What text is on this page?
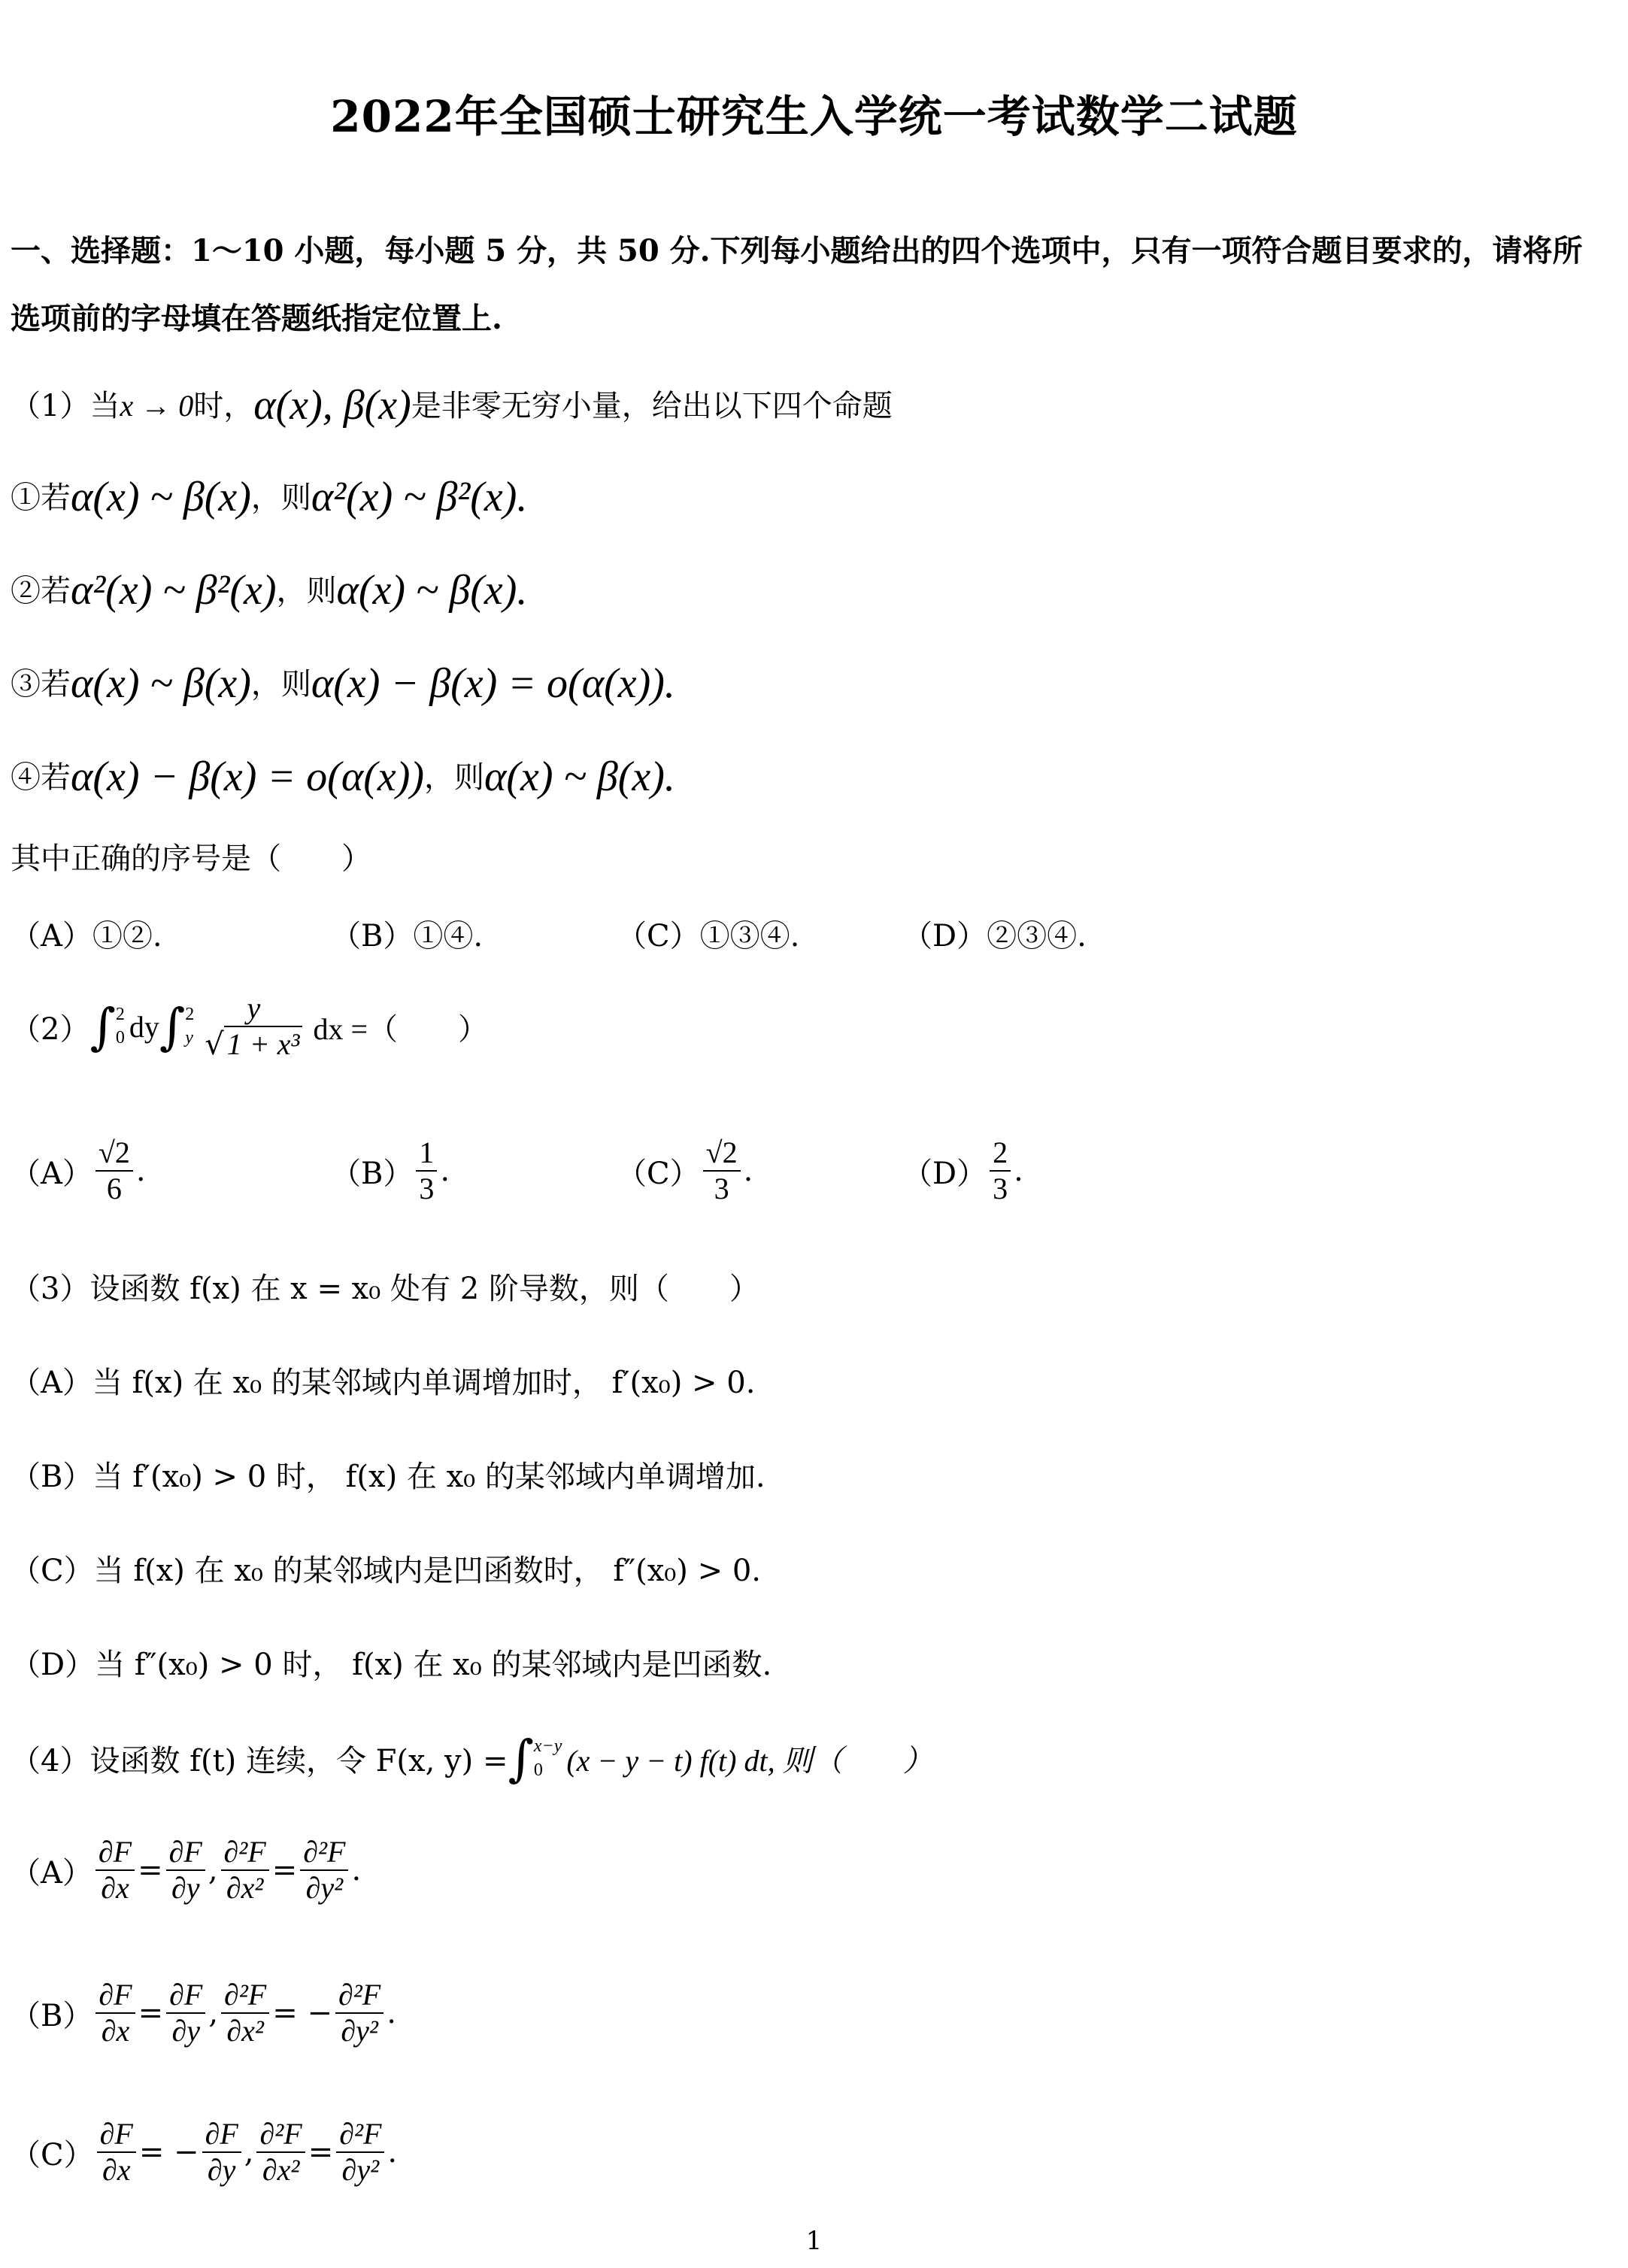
2022年全国硕士研究生入学统一考试数学二试题
一、选择题：1～10 小题，每小题 5 分，共 50 分.下列每小题给出的四个选项中，只有一项符合题目要求的，请将所
选项前的字母填在答题纸指定位置上.
（1）当x → 0时，α(x), β(x)是非零无穷小量，给出以下四个命题
①若α(x) ~ β(x)，则α²(x) ~ β²(x).
②若α²(x) ~ β²(x)，则α(x) ~ β(x).
③若α(x) ~ β(x)，则α(x) − β(x) = o(α(x)).
④若α(x) − β(x) = o(α(x))，则α(x) ~ β(x).
其中正确的序号是（　　）
（A）①②.	（B）①④.	（C）①③④.	（D）②③④.
（2） ∫ 2
0 dy ∫ 2
y $\frac{y}{\text{√ 1 + x³}}$ dx =（　　）
$(A) \frac{√2}{6}$ .	$(B) \frac{1}{3}$ .	$(C) \frac{√2}{3}$ .	$(D) \frac{2}{3}$ .
（3）设函数 f(x) 在 x = x₀ 处有 2 阶导数，则（　　）
（A）当 f(x) 在 x₀ 的某邻域内单调增加时， f′(x₀) > 0.
（B）当 f′(x₀) > 0 时， f(x) 在 x₀ 的某邻域内单调增加.
（C）当 f(x) 在 x₀ 的某邻域内是凹函数时， f″(x₀) > 0.
（D）当 f″(x₀) > 0 时， f(x) 在 x₀ 的某邻域内是凹函数.
（4）设函数 f(t) 连续，令 F(x, y) = ∫ x−y
0 (x − y − t) f(t) dt, 则（　　）
$(A) \frac{\partial F}{\partial x} = \frac{\partial F}{\partial y}$ , $\frac{\text{∂²F}}{\text{∂x²}} = \frac{\text{∂²F}}{\text{∂y²}}$ .
$(B) \frac{\partial F}{\partial x} = \frac{\partial F}{\partial y}$ , $\frac{\text{∂²F}}{\text{∂x²}}$ = − $\frac{\text{∂²F}}{\text{∂y²}}$ .
$(C) \frac{\partial F}{\partial x}$ = − $\frac{\partial F}{\partial y}$ , $\frac{\text{∂²F}}{\text{∂x²}} = \frac{\text{∂²F}}{\text{∂y²}}$ .
1
